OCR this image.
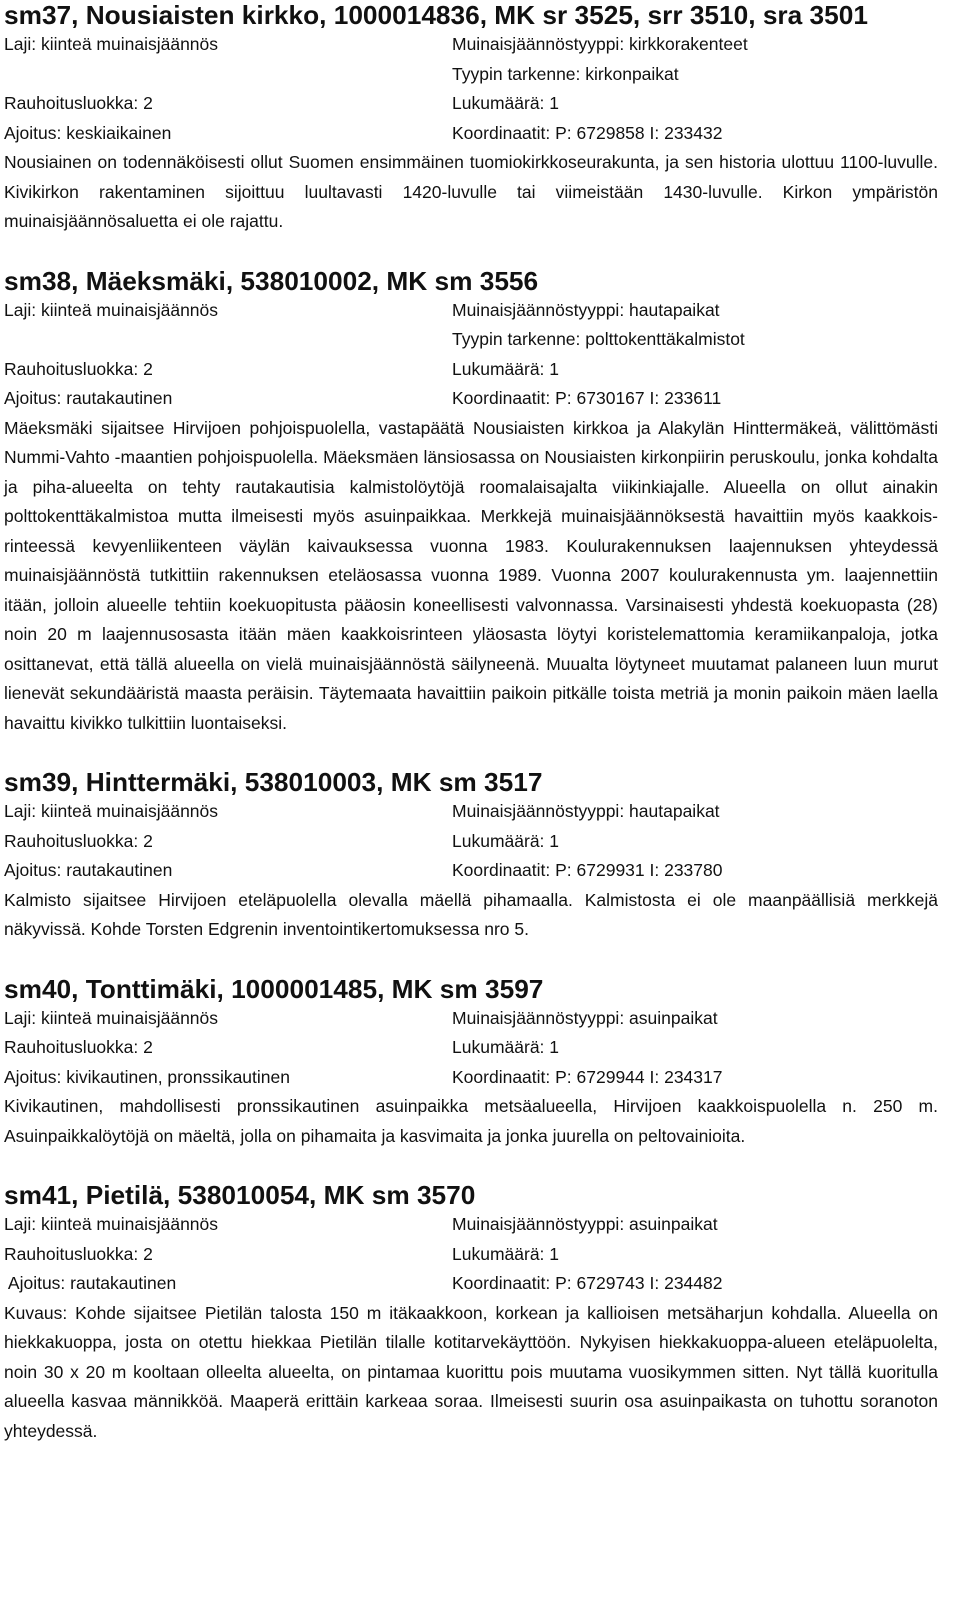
sm37, Nousiaisten kirkko, 1000014836, MK sr 3525, srr 3510, sra 3501
Laji: kiinteä muinaisjäännös	Muinaisjäännöstyyppi: kirkkorakenteet
Tyypin tarkenne: kirkonpaikat
Rauhoitusluokka: 2	Lukumäärä: 1
Ajoitus: keskiaikainen	Koordinaatit: P: 6729858 I: 233432

Nousiainen on todennäköisesti ollut Suomen ensimmäinen tuomiokirkkoseurakunta, ja sen historia ulottuu 1100-luvulle. Kivikirkon rakentaminen sijoittuu luultavasti 1420-luvulle tai viimeistään 1430-luvulle. Kirkon ympäristön muinaisjäännösaluetta ei ole rajattu.

sm38, Mäeksmäki, 538010002, MK sm 3556
Laji: kiinteä muinaisjäännös	Muinaisjäännöstyyppi: hautapaikat
Tyypin tarkenne: polttokenttäkalmistot
Rauhoitusluokka: 2	Lukumäärä: 1
Ajoitus: rautakautinen	Koordinaatit: P: 6730167 I: 233611

Mäeksmäki sijaitsee Hirvijoen pohjoispuolella, vastapäätä Nousiaisten kirkkoa ja Alakylän Hinttermäkeä, välittömästi Nummi-Vahto -maantien pohjoispuolella. Mäeksmäen länsiosassa on Nousiaisten kirkonpiirin peruskoulu, jonka kohdalta ja piha-alueelta on tehty rautakautisia kalmistolöytöjä roomalaisajalta viikinkiajalle. Alueella on ollut ainakin polttokenttäkalmistoa mutta ilmeisesti myös asuinpaikkaa. Merkkejä muinaisjäännöksestä havaittiin myös kaakkoisrinteessä kevyenliikenteen väylän kaivauksessa vuonna 1983. Koulurakennuksen laajennuksen yhteydessä muinaisjäännöstä tutkittiin rakennuksen eteläosassa vuonna 1989. Vuonna 2007 koulurakennusta ym. laajennettiin itään, jolloin alueelle tehtiin koekuopitusta pääosin koneellisesti valvonnassa. Varsinaisesti yhdestä koekuopasta (28) noin 20 m laajennusosasta itään mäen kaakkoisrinteen yläosasta löytyi koristelemattomia keramiikanpaloja, jotka osittanevat, että tällä alueella on vielä muinaisjäännöstä säilyneenä. Muualta löytyneet muutamat palaneen luun murut lienevät sekundääristä maasta peräisin. Täytemaata havaittiin paikoin pitkälle toista metriä ja monin paikoin mäen laella havaittu kivikko tulkittiin luontaiseksi.

sm39, Hinttermäki, 538010003, MK sm 3517
Laji: kiinteä muinaisjäännös	Muinaisjäännöstyyppi: hautapaikat
Rauhoitusluokka: 2	Lukumäärä: 1
Ajoitus: rautakautinen	Koordinaatit: P: 6729931 I: 233780

Kalmisto sijaitsee Hirvijoen eteläpuolella olevalla mäellä pihamaalla. Kalmistosta ei ole maanpäällisiä merkkejä näkyvissä. Kohde Torsten Edgrenin inventointikertomuksessa nro 5.

sm40, Tonttimäki, 1000001485, MK sm 3597
Laji: kiinteä muinaisjäännös	Muinaisjäännöstyyppi: asuinpaikat
Rauhoitusluokka: 2	Lukumäärä: 1
Ajoitus: kivikautinen, pronssikautinen	Koordinaatit: P: 6729944 I: 234317

Kivikautinen, mahdollisesti pronssikautinen asuinpaikka metsäalueella, Hirvijoen kaakkoispuolella n. 250 m. Asuinpaikkalöytöjä on mäeltä, jolla on pihamaita ja kasvimaita ja jonka juurella on peltovainioita.

sm41, Pietilä, 538010054, MK sm 3570
Laji: kiinteä muinaisjäännös	Muinaisjäännöstyyppi: asuinpaikat
Rauhoitusluokka: 2	Lukumäärä: 1
Ajoitus: rautakautinen	Koordinaatit: P: 6729743 I: 234482

Kuvaus: Kohde sijaitsee Pietilän talosta 150 m itäkaakkoon, korkean ja kallioisen metsäharjun kohdalla. Alueella on hiekkakuoppa, josta on otettu hiekkaa Pietilän tilalle kotitarvekäyttöön. Nykyisen hiekkakuoppa-alueen eteläpuolelta, noin 30 x 20 m kooltaan olleelta alueelta, on pintamaa kuorittu pois muutama vuosikymmen sitten. Nyt tällä kuoritulla alueella kasvaa männikköä. Maaperä erittäin karkeaa soraa. Ilmeisesti suurin osa asuinpaikasta on tuhottu soranoton yhteydessä.
